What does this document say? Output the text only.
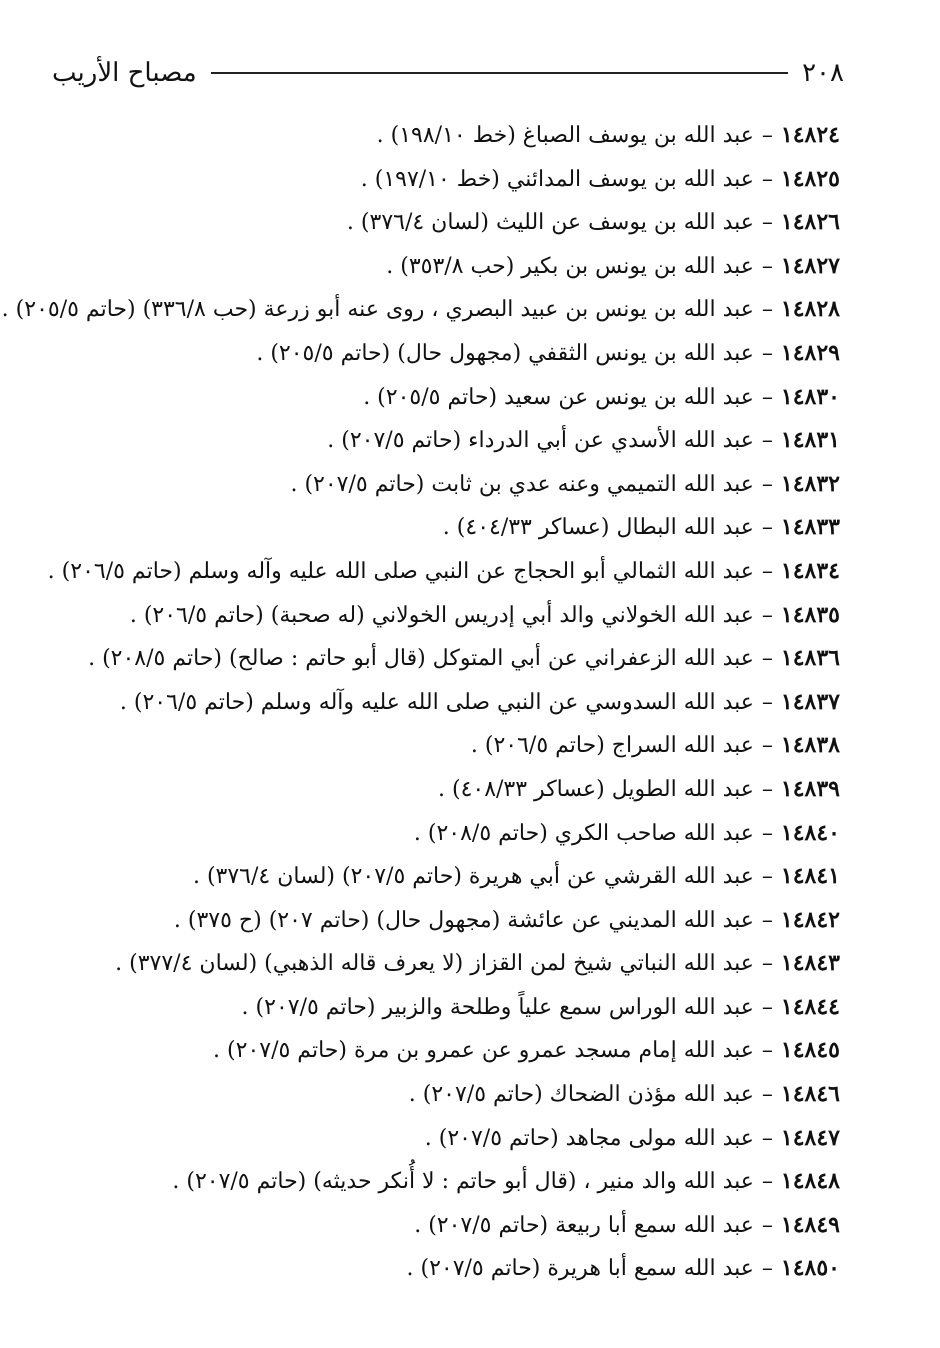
مصباح الأريب	٢٠٨
١٤٨٢٤–عبد الله بن يوسف الصباغ (خط ١٩٨/١٠) .
١٤٨٢٥–عبد الله بن يوسف المدائني (خط ١٩٧/١٠) .
١٤٨٢٦–عبد الله بن يوسف عن الليث (لسان ٣٧٦/٤) .
١٤٨٢٧–عبد الله بن يونس بن بكير (حب ٣٥٣/٨) .
١٤٨٢٨–عبد الله بن يونس بن عبيد البصري ، روى عنه أبو زرعة (حب ٣٣٦/٨) (حاتم ٢٠٥/٥) .
١٤٨٢٩–عبد الله بن يونس الثقفي (مجهول حال) (حاتم ٢٠٥/٥) .
١٤٨٣٠–عبد الله بن يونس عن سعيد (حاتم ٢٠٥/٥) .
١٤٨٣١–عبد الله الأسدي عن أبي الدرداء (حاتم ٢٠٧/٥) .
١٤٨٣٢–عبد الله التميمي وعنه عدي بن ثابت (حاتم ٢٠٧/٥) .
١٤٨٣٣–عبد الله البطال (عساكر ٤٠٤/٣٣) .
١٤٨٣٤–عبد الله الثمالي أبو الحجاج عن النبي صلى الله عليه وآله وسلم (حاتم ٢٠٦/٥) .
١٤٨٣٥–عبد الله الخولاني والد أبي إدريس الخولاني (له صحبة) (حاتم ٢٠٦/٥) .
١٤٨٣٦–عبد الله الزعفراني عن أبي المتوكل (قال أبو حاتم : صالح) (حاتم ٢٠٨/٥) .
١٤٨٣٧–عبد الله السدوسي عن النبي صلى الله عليه وآله وسلم (حاتم ٢٠٦/٥) .
١٤٨٣٨–عبد الله السراج (حاتم ٢٠٦/٥) .
١٤٨٣٩–عبد الله الطويل (عساكر ٤٠٨/٣٣) .
١٤٨٤٠–عبد الله صاحب الكري (حاتم ٢٠٨/٥) .
١٤٨٤١–عبد الله القرشي عن أبي هريرة (حاتم ٢٠٧/٥) (لسان ٣٧٦/٤) .
١٤٨٤٢–عبد الله المديني عن عائشة (مجهول حال) (حاتم ٢٠٧) (ح ٣٧٥) .
١٤٨٤٣–عبد الله النباتي شيخ لمن القزاز (لا يعرف قاله الذهبي) (لسان ٣٧٧/٤) .
١٤٨٤٤–عبد الله الوراس سمع علياً وطلحة والزبير (حاتم ٢٠٧/٥) .
١٤٨٤٥–عبد الله إمام مسجد عمرو عن عمرو بن مرة (حاتم ٢٠٧/٥) .
١٤٨٤٦–عبد الله مؤذن الضحاك (حاتم ٢٠٧/٥) .
١٤٨٤٧–عبد الله مولى مجاهد (حاتم ٢٠٧/٥) .
١٤٨٤٨–عبد الله والد منير ، (قال أبو حاتم : لا أُنكر حديثه) (حاتم ٢٠٧/٥) .
١٤٨٤٩–عبد الله سمع أبا ربيعة (حاتم ٢٠٧/٥) .
١٤٨٥٠–عبد الله سمع أبا هريرة (حاتم ٢٠٧/٥) .
